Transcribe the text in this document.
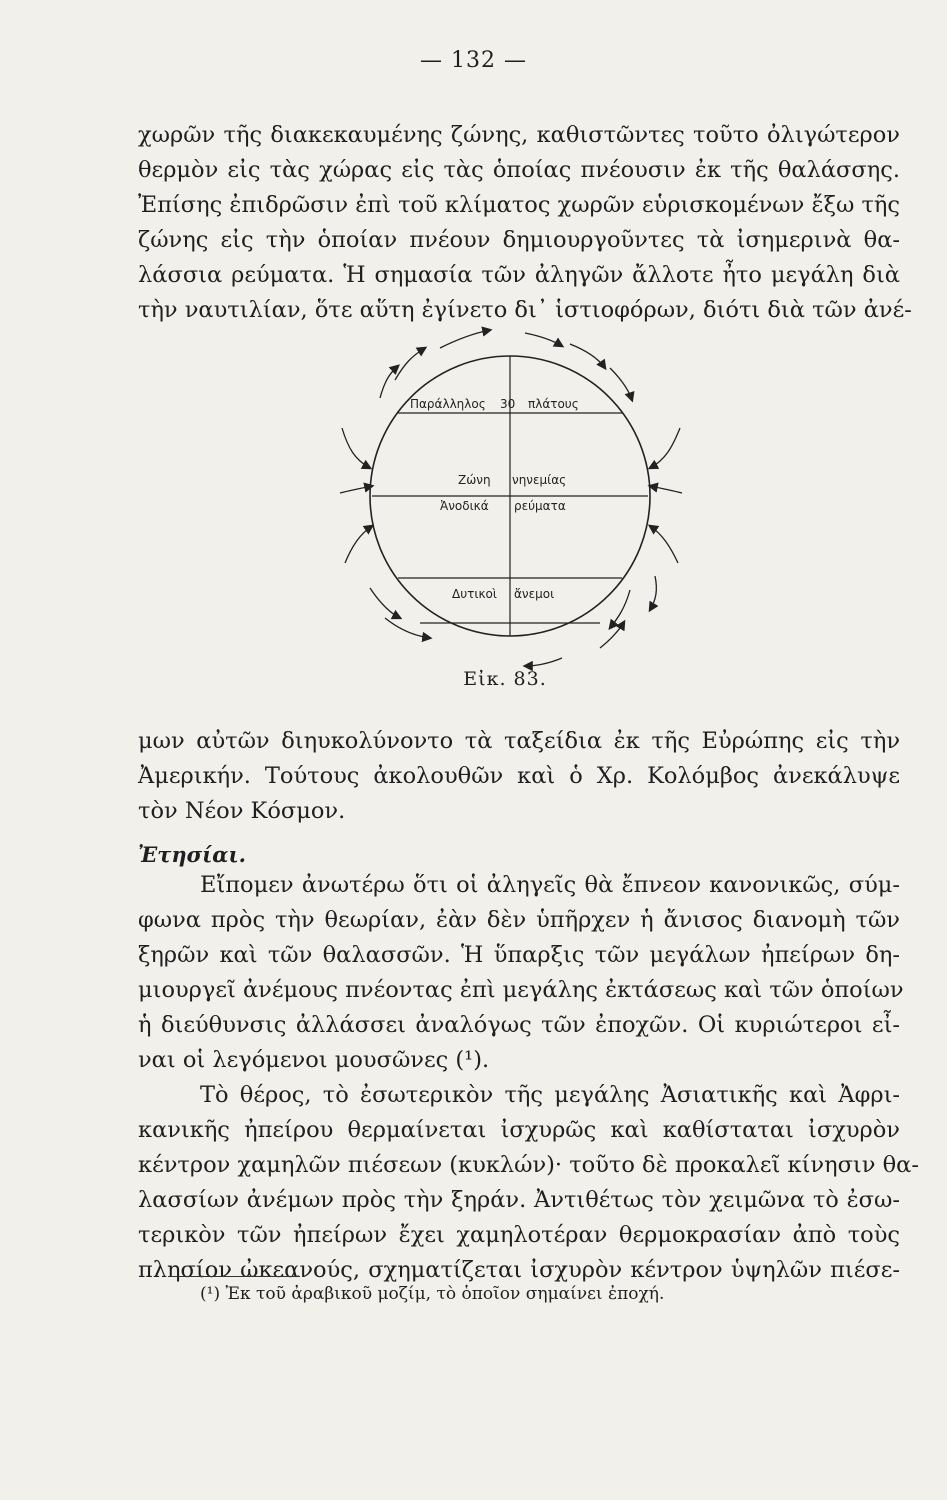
— 132 —
χωρῶν τῆς διακεκαυμένης ζώνης, καθιστῶντες τοῦτο ὀλιγώτερον
θερμὸν εἰς τὰς χώρας εἰς τὰς ὁποίας πνέουσιν ἐκ τῆς θαλάσσης.
Ἐπίσης ἐπιδρῶσιν ἐπὶ τοῦ κλίματος χωρῶν εὑρισκομένων ἔξω τῆς
ζώνης εἰς τὴν ὁποίαν πνέουν δημιουργοῦντες τὰ ἰσημερινὰ θα-
λάσσια ρεύματα. Ἡ σημασία τῶν ἀληγῶν ἄλλοτε ἦτο μεγάλη διὰ
τὴν ναυτιλίαν, ὅτε αὕτη ἐγίνετο δι᾽ ἱστιοφόρων, διότι διὰ τῶν ἀνέ-
Παράλληλος 30 πλάτους
Ζώνη νηνεμίας
Ἀνοδικά ρεύματα
Δυτικοὶ ἄνεμοι
Εἰκ. 83.
μων αὐτῶν διηυκολύνοντο τὰ ταξείδια ἐκ τῆς Εὐρώπης εἰς τὴν
Ἀμερικήν. Τούτους ἀκολουθῶν καὶ ὁ Χρ. Κολόμβος ἀνεκάλυψε
τὸν Νέον Κόσμον.
Ἐτησίαι.
Εἴπομεν ἀνωτέρω ὅτι οἱ ἀληγεῖς θὰ ἔπνεον κανονικῶς, σύμ-
φωνα πρὸς τὴν θεωρίαν, ἐὰν δὲν ὑπῆρχεν ἡ ἄνισος διανομὴ τῶν
ξηρῶν καὶ τῶν θαλασσῶν. Ἡ ὕπαρξις τῶν μεγάλων ἠπείρων δη-
μιουργεῖ ἀνέμους πνέοντας ἐπὶ μεγάλης ἐκτάσεως καὶ τῶν ὁποίων
ἡ διεύθυνσις ἀλλάσσει ἀναλόγως τῶν ἐποχῶν. Οἱ κυριώτεροι εἶ-
ναι οἱ λεγόμενοι μουσῶνες (¹).
Τὸ θέρος, τὸ ἐσωτερικὸν τῆς μεγάλης Ἀσιατικῆς καὶ Ἀφρι-
κανικῆς ἠπείρου θερμαίνεται ἰσχυρῶς καὶ καθίσταται ἰσχυρὸν
κέντρον χαμηλῶν πιέσεων (κυκλών)· τοῦτο δὲ προκαλεῖ κίνησιν θα-
λασσίων ἀνέμων πρὸς τὴν ξηράν. Ἀντιθέτως τὸν χειμῶνα τὸ ἐσω-
τερικὸν τῶν ἠπείρων ἔχει χαμηλοτέραν θερμοκρασίαν ἀπὸ τοὺς
πλησίον ὠκεανούς, σχηματίζεται ἰσχυρὸν κέντρον ὑψηλῶν πιέσε-
(¹) Ἐκ τοῦ ἀραβικοῦ μοζίμ, τὸ ὁποῖον σημαίνει ἐποχή.
